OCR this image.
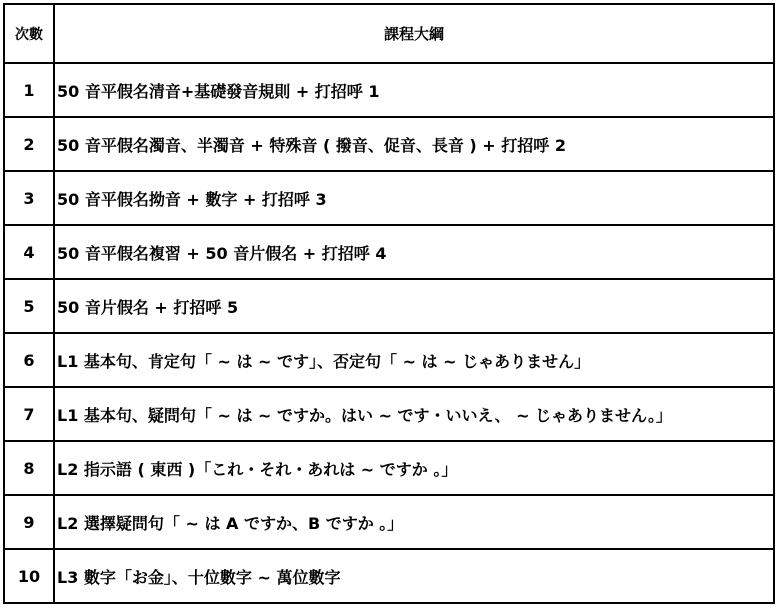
次數	課程大綱
1	50 音平假名清音+基礎發音規則 + 打招呼 1
2	50 音平假名濁音、半濁音 + 特殊音 ( 撥音、促音、長音 ) + 打招呼 2
3	50 音平假名拗音 + 數字 + 打招呼 3
4	50 音平假名複習 + 50 音片假名 + 打招呼 4
5	50 音片假名 + 打招呼 5
6	L1 基本句、肯定句「 ~ は ~ です」、否定句「 ~ は ~ じゃありません」
7	L1 基本句、疑問句「 ~ は ~ ですか。はい ~ です・いいえ、 ~ じゃありません。」
8	L2 指示語 ( 東西 )「これ・それ・あれは ~ ですか 。」
9	L2 選擇疑問句「 ~ は A ですか、B ですか 。」
10	L3 數字「お金」、十位數字 ~ 萬位數字
